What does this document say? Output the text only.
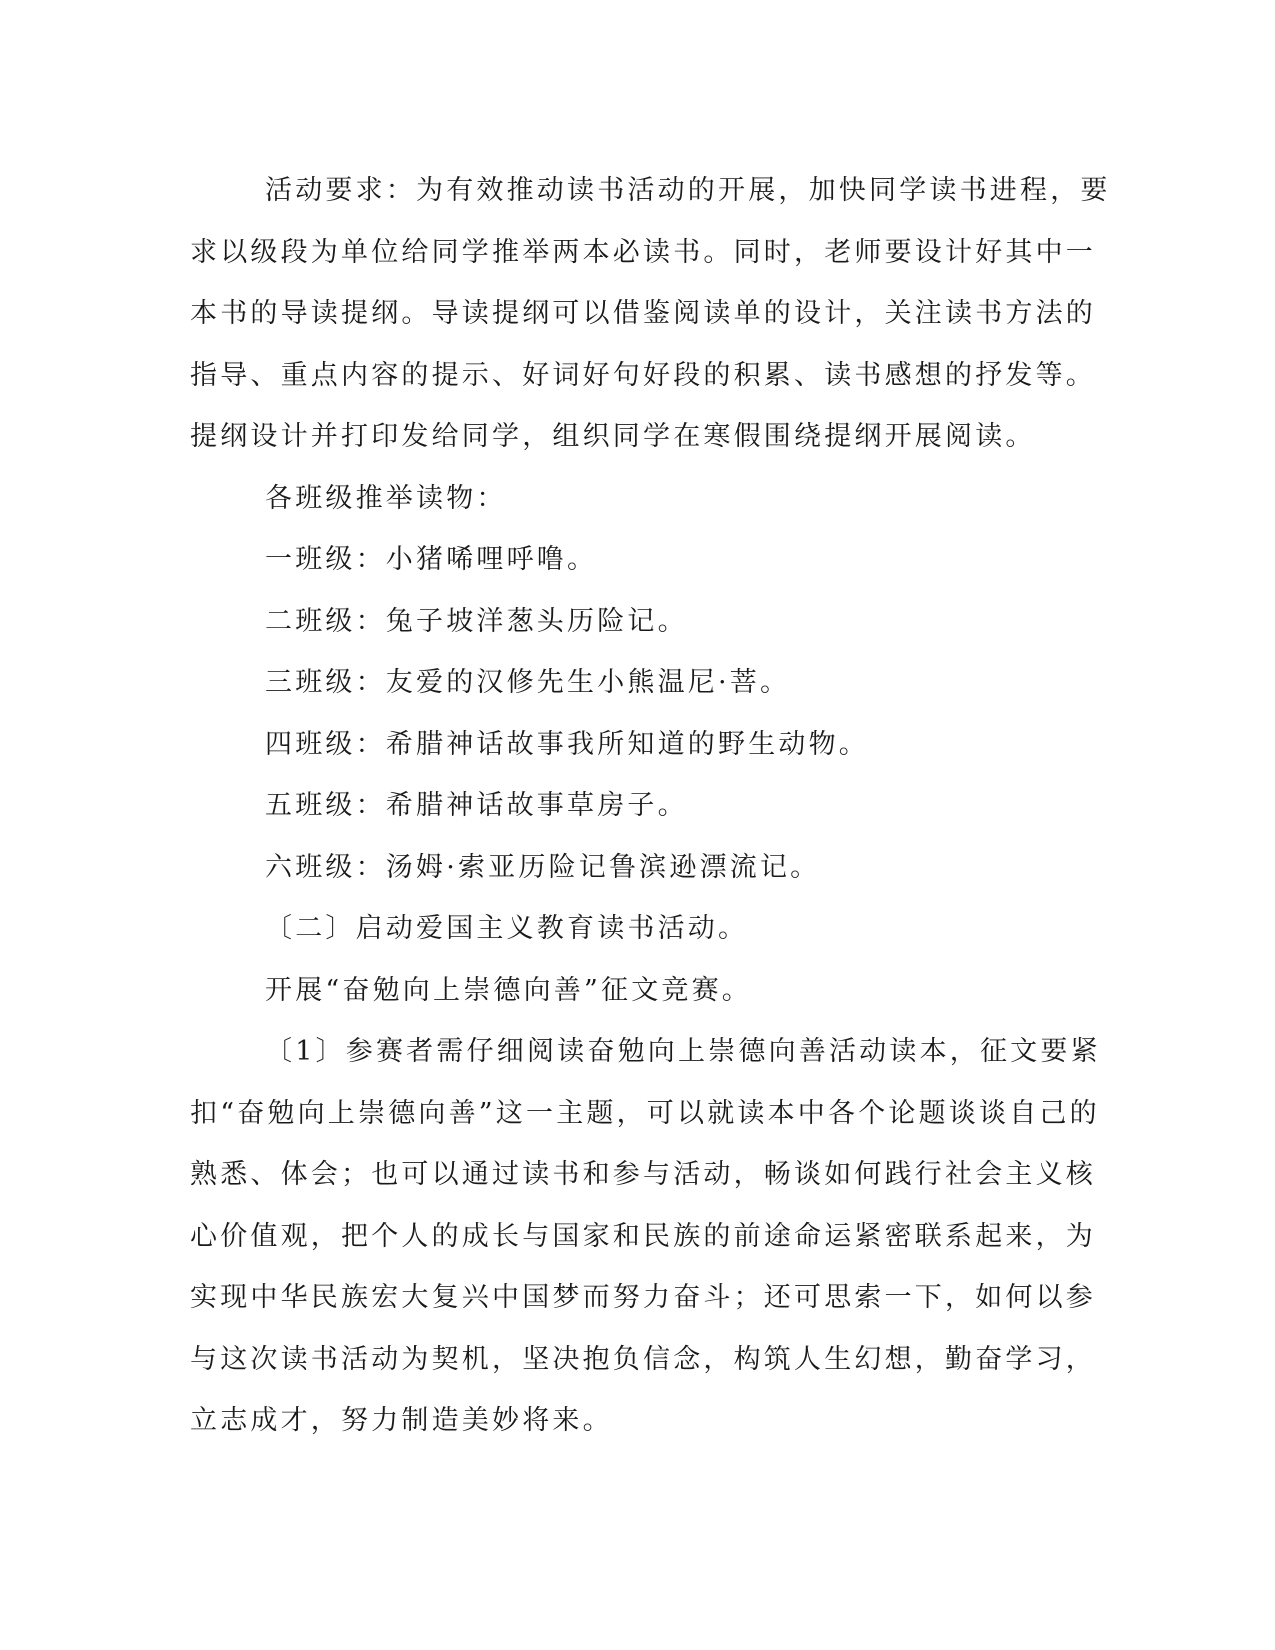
活动要求：为有效推动读书活动的开展，加快同学读书进程，要
求以级段为单位给同学推举两本必读书。同时，老师要设计好其中一
本书的导读提纲。导读提纲可以借鉴阅读单的设计，关注读书方法的
指导、重点内容的提示、好词好句好段的积累、读书感想的抒发等。
提纲设计并打印发给同学，组织同学在寒假围绕提纲开展阅读。
各班级推举读物：
一班级：小猪唏哩呼噜。
二班级：兔子坡洋葱头历险记。
三班级：友爱的汉修先生小熊温尼·菩。
四班级：希腊神话故事我所知道的野生动物。
五班级：希腊神话故事草房子。
六班级：汤姆·索亚历险记鲁滨逊漂流记。
〔二〕启动爱国主义教育读书活动。
开展“奋勉向上崇德向善”征文竞赛。
〔1〕参赛者需仔细阅读奋勉向上崇德向善活动读本，征文要紧
扣“奋勉向上崇德向善”这一主题，可以就读本中各个论题谈谈自己的
熟悉、体会；也可以通过读书和参与活动，畅谈如何践行社会主义核
心价值观，把个人的成长与国家和民族的前途命运紧密联系起来，为
实现中华民族宏大复兴中国梦而努力奋斗；还可思索一下，如何以参
与这次读书活动为契机，坚决抱负信念，构筑人生幻想，勤奋学习，
立志成才，努力制造美妙将来。
